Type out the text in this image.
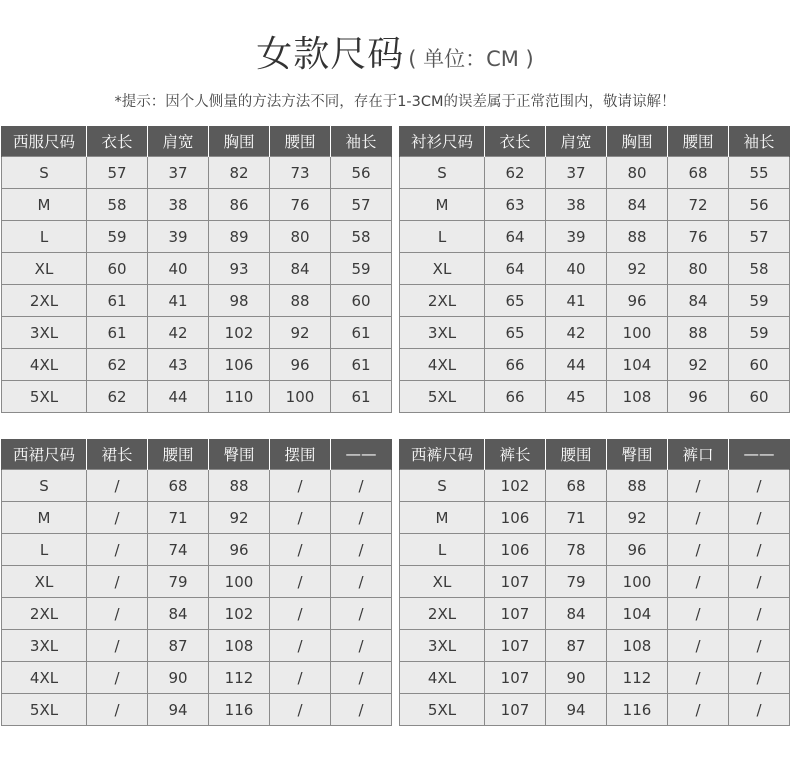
女款尺码 ( 单位：CM )
*提示：因个人侧量的方法方法不同，存在于1-3CM的误差属于正常范围内，敬请谅解！
西服尺码	衣长	肩宽	胸围	腰围	袖长
S	57	37	82	73	56
M	58	38	86	76	57
L	59	39	89	80	58
XL	60	40	93	84	59
2XL	61	41	98	88	60
3XL	61	42	102	92	61
4XL	62	43	106	96	61
5XL	62	44	110	100	61
衬衫尺码	衣长	肩宽	胸围	腰围	袖长
S	62	37	80	68	55
M	63	38	84	72	56
L	64	39	88	76	57
XL	64	40	92	80	58
2XL	65	41	96	84	59
3XL	65	42	100	88	59
4XL	66	44	104	92	60
5XL	66	45	108	96	60
西裙尺码	裙长	腰围	臀围	摆围	——
S	/	68	88	/	/
M	/	71	92	/	/
L	/	74	96	/	/
XL	/	79	100	/	/
2XL	/	84	102	/	/
3XL	/	87	108	/	/
4XL	/	90	112	/	/
5XL	/	94	116	/	/
西裤尺码	裤长	腰围	臀围	裤口	——
S	102	68	88	/	/
M	106	71	92	/	/
L	106	78	96	/	/
XL	107	79	100	/	/
2XL	107	84	104	/	/
3XL	107	87	108	/	/
4XL	107	90	112	/	/
5XL	107	94	116	/	/
